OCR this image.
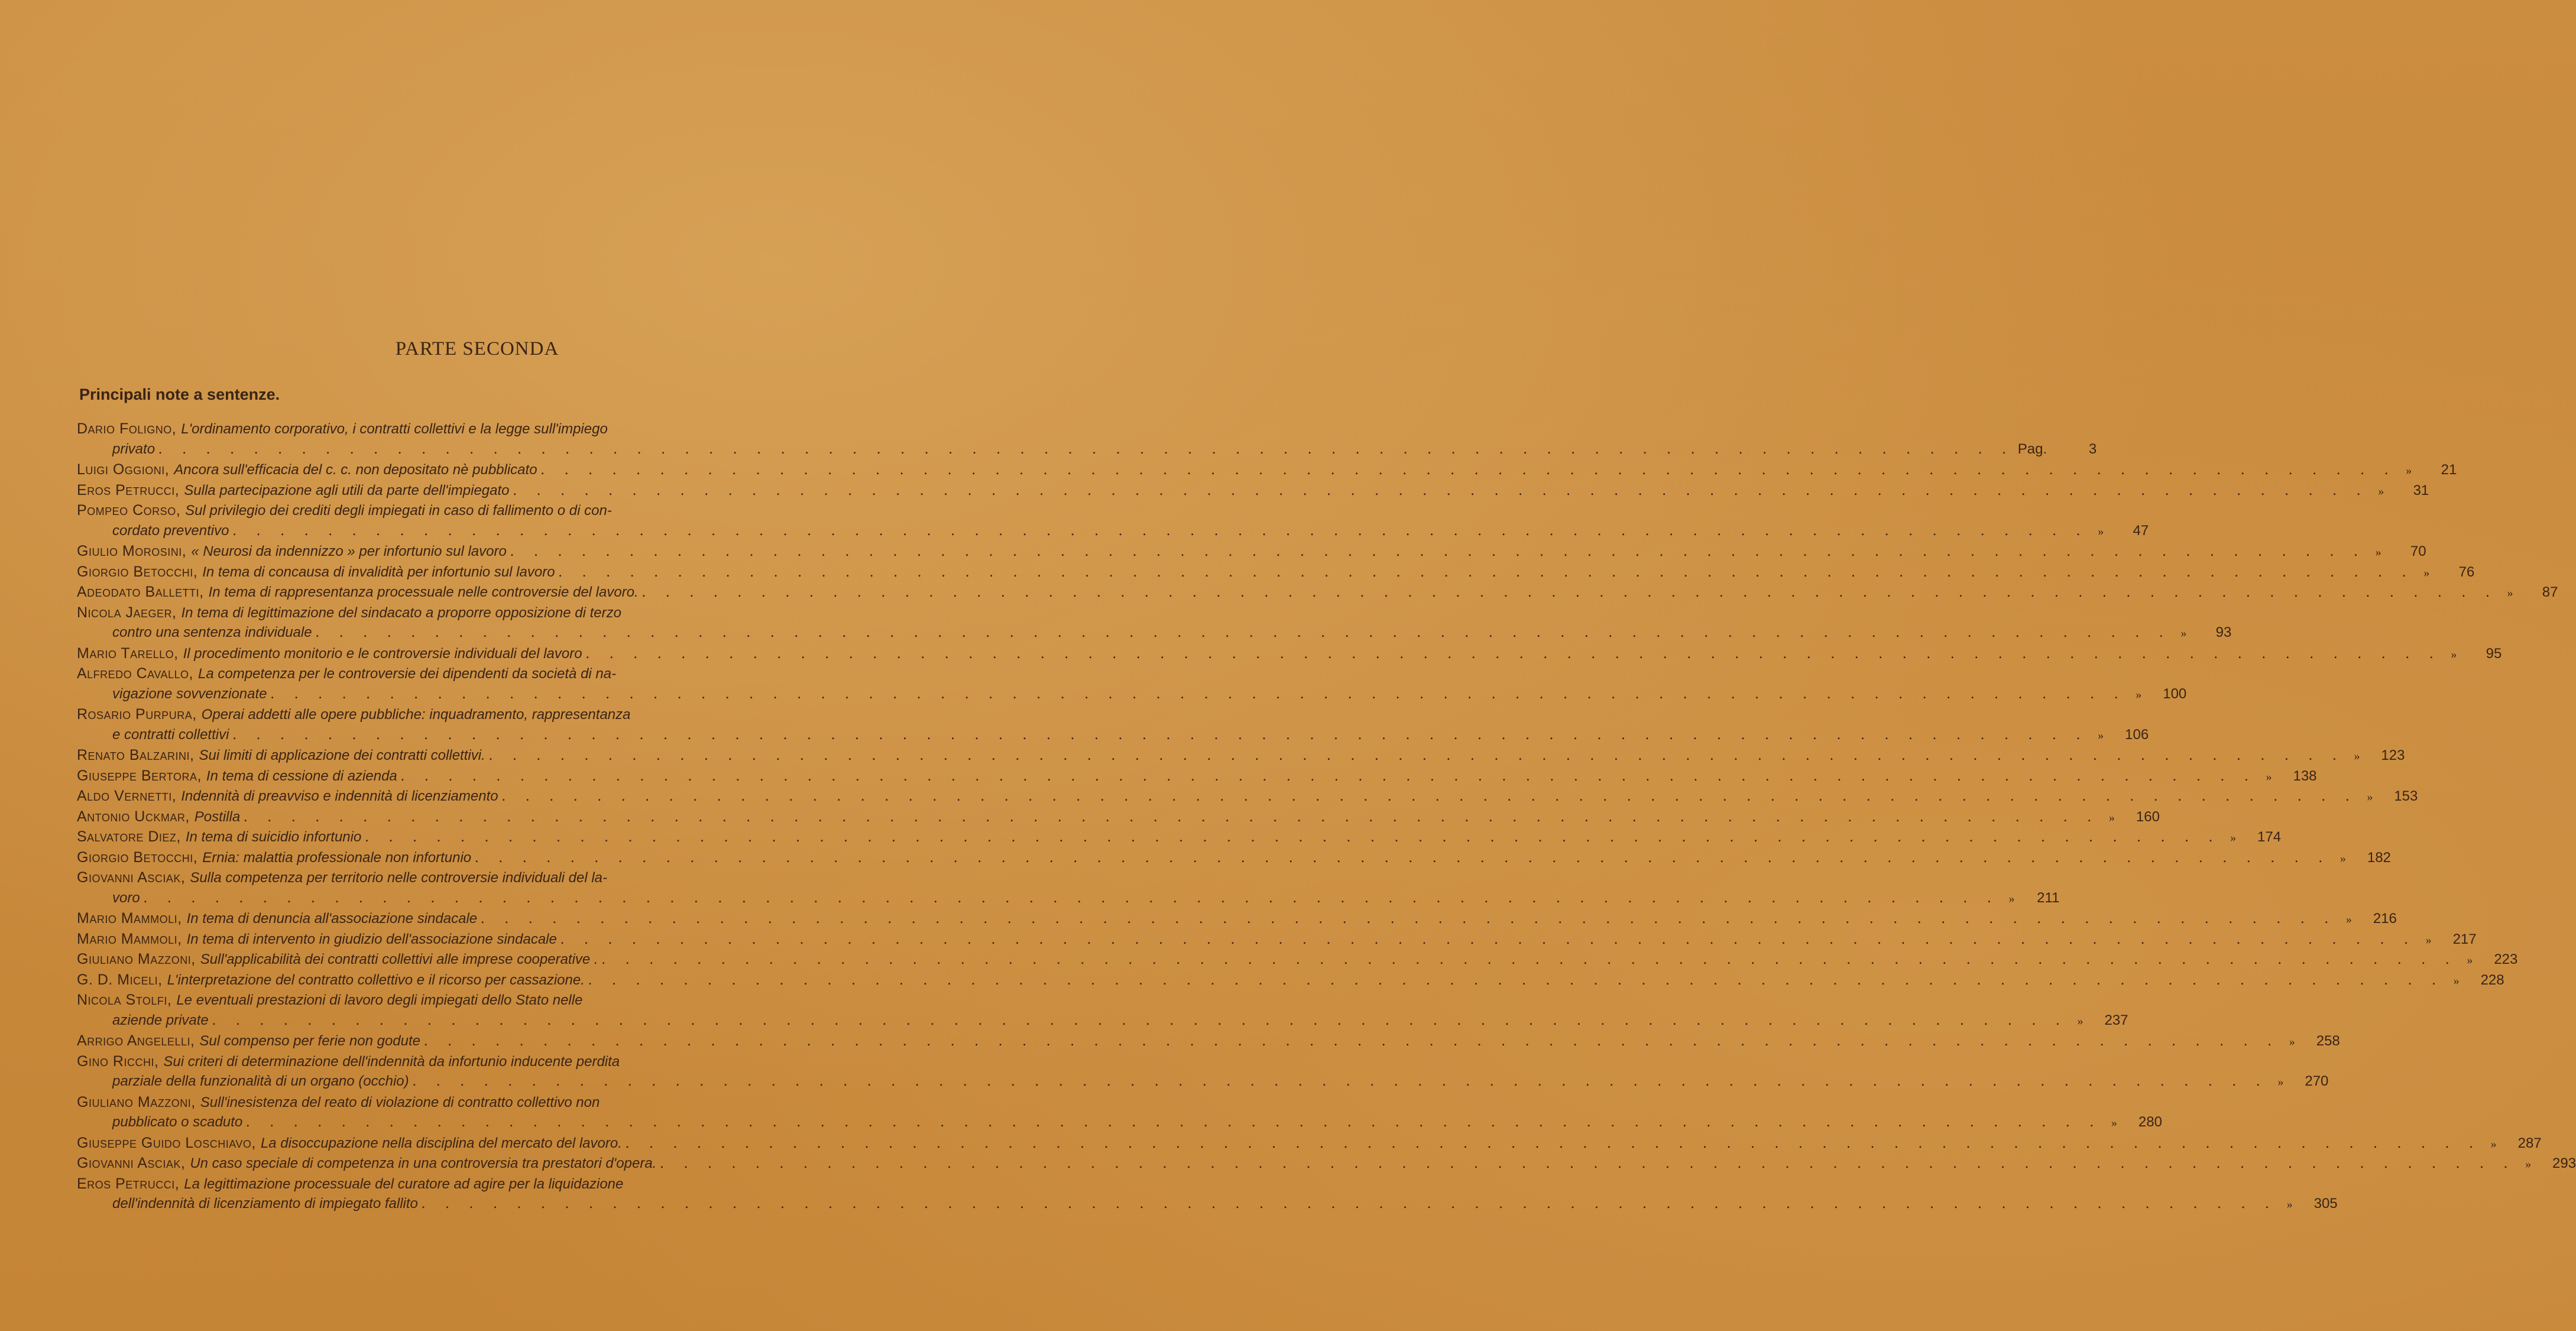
PARTE SECONDA
Principali note a sentenze.
Dario Foligno, L'ordinamento corporativo, i contratti collettivi e la legge sull'impiego
privato . . .	Pag.	3
Luigi Oggioni, Ancora sull'efficacia del c. c. non depositato nè pubblicato . . .	»	21
Eros Petrucci, Sulla partecipazione agli utili da parte dell'impiegato . . .	»	31
Pompeo Corso, Sul privilegio dei crediti degli impiegati in caso di fallimento o di con-
cordato preventivo . . .	»	47
Giulio Morosini, « Neurosi da indennizzo » per infortunio sul lavoro . . .	»	70
Giorgio Betocchi, In tema di concausa di invalidità per infortunio sul lavoro . . .	»	76
Adeodato Balletti, In tema di rappresentanza processuale nelle controversie del lavoro. . . .	»	87
Nicola Jaeger, In tema di legittimazione del sindacato a proporre opposizione di terzo
contro una sentenza individuale . . .	»	93
Mario Tarello, Il procedimento monitorio e le controversie individuali del lavoro . . .	»	95
Alfredo Cavallo, La competenza per le controversie dei dipendenti da società di na-
vigazione sovvenzionate . . .	»	100
Rosario Purpura, Operai addetti alle opere pubbliche: inquadramento, rappresentanza
e contratti collettivi . . .	»	106
Renato Balzarini, Sui limiti di applicazione dei contratti collettivi. . . .	»	123
Giuseppe Bertora, In tema di cessione di azienda . . .	»	138
Aldo Vernetti, Indennità di preavviso e indennità di licenziamento . . .	»	153
Antonio Uckmar, Postilla . . .	»	160
Salvatore Diez, In tema di suicidio infortunio . . .	»	174
Giorgio Betocchi, Ernia: malattia professionale non infortunio . . .	»	182
Giovanni Asciak, Sulla competenza per territorio nelle controversie individuali del la-
voro . . .	»	211
Mario Mammoli, In tema di denuncia all'associazione sindacale . . .	»	216
Mario Mammoli, In tema di intervento in giudizio dell'associazione sindacale . . .	»	217
Giuliano Mazzoni, Sull'applicabilità dei contratti collettivi alle imprese cooperative . . . .	»	223
G. D. Miceli, L'interpretazione del contratto collettivo e il ricorso per cassazione. . . .	»	228
Nicola Stolfi, Le eventuali prestazioni di lavoro degli impiegati dello Stato nelle
aziende private . . .	»	237
Arrigo Angelelli, Sul compenso per ferie non godute . . .	»	258
Gino Ricchi, Sui criteri di determinazione dell'indennità da infortunio inducente perdita
parziale della funzionalità di un organo (occhio) . . .	»	270
Giuliano Mazzoni, Sull'inesistenza del reato di violazione di contratto collettivo non
pubblicato o scaduto . . .	»	280
Giuseppe Guido Loschiavo, La disoccupazione nella disciplina del mercato del lavoro. . . .	»	287
Giovanni Asciak, Un caso speciale di competenza in una controversia tra prestatori d'opera. . . .	»	293
Eros Petrucci, La legittimazione processuale del curatore ad agire per la liquidazione
dell'indennità di licenziamento di impiegato fallito . . .	»	305
